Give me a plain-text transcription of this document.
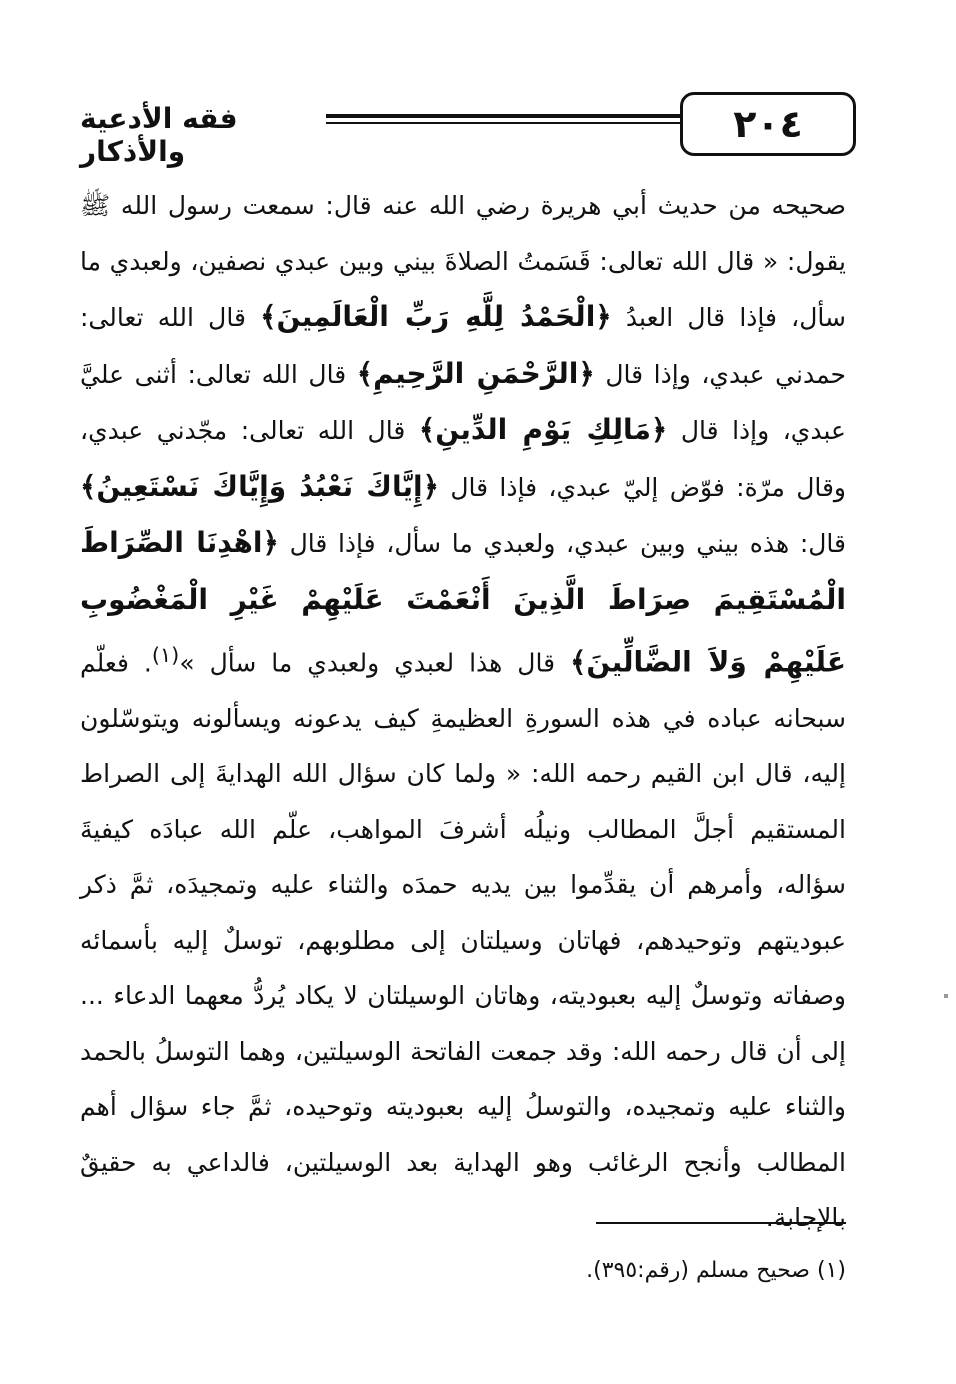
٢٠٤
فقه الأدعية والأذكار
صحيحه من حديث أبي هريرة رضي الله عنه قال: سمعت رسول الله ﷺ يقول: « قال الله تعالى: قَسَمتُ الصلاةَ بيني وبين عبدي نصفين، ولعبدي ما سأل، فإذا قال العبدُ ﴿الْحَمْدُ لِلَّهِ رَبِّ الْعَالَمِينَ﴾ قال الله تعالى: حمدني عبدي، وإذا قال ﴿الرَّحْمَنِ الرَّحِيمِ﴾ قال الله تعالى: أثنى عليَّ عبدي، وإذا قال ﴿مَالِكِ يَوْمِ الدِّينِ﴾ قال الله تعالى: مجّدني عبدي، وقال مرّة: فوّض إليّ عبدي، فإذا قال ﴿إِيَّاكَ نَعْبُدُ وَإِيَّاكَ نَسْتَعِينُ﴾ قال: هذه بيني وبين عبدي، ولعبدي ما سأل، فإذا قال ﴿اهْدِنَا الصِّرَاطَ الْمُسْتَقِيمَ صِرَاطَ الَّذِينَ أَنْعَمْتَ عَلَيْهِمْ غَيْرِ الْمَغْضُوبِ عَلَيْهِمْ وَلاَ الضَّالِّينَ﴾ قال هذا لعبدي ولعبدي ما سأل »$^{(١)}$. فعلّم سبحانه عباده في هذه السورةِ العظيمةِ كيف يدعونه ويسألونه ويتوسّلون إليه، قال ابن القيم رحمه الله: « ولما كان سؤال الله الهدايةَ إلى الصراط المستقيم أجلَّ المطالب ونيلُه أشرفَ المواهب، علّم الله عبادَه كيفيةَ سؤاله، وأمرهم أن يقدِّموا بين يديه حمدَه والثناء عليه وتمجيدَه، ثمَّ ذكر عبوديتهم وتوحيدهم، فهاتان وسيلتان إلى مطلوبهم، توسلٌ إليه بأسمائه وصفاته وتوسلٌ إليه بعبوديته، وهاتان الوسيلتان لا يكاد يُردُّ معهما الدعاء ... إلى أن قال رحمه الله: وقد جمعت الفاتحة الوسيلتين، وهما التوسلُ بالحمد والثناء عليه وتمجيده، والتوسلُ إليه بعبوديته وتوحيده، ثمَّ جاء سؤال أهم المطالب وأنجح الرغائب وهو الهداية بعد الوسيلتين، فالداعي به حقيقٌ بالإجابة.
(١) صحيح مسلم (رقم:٣٩٥).
